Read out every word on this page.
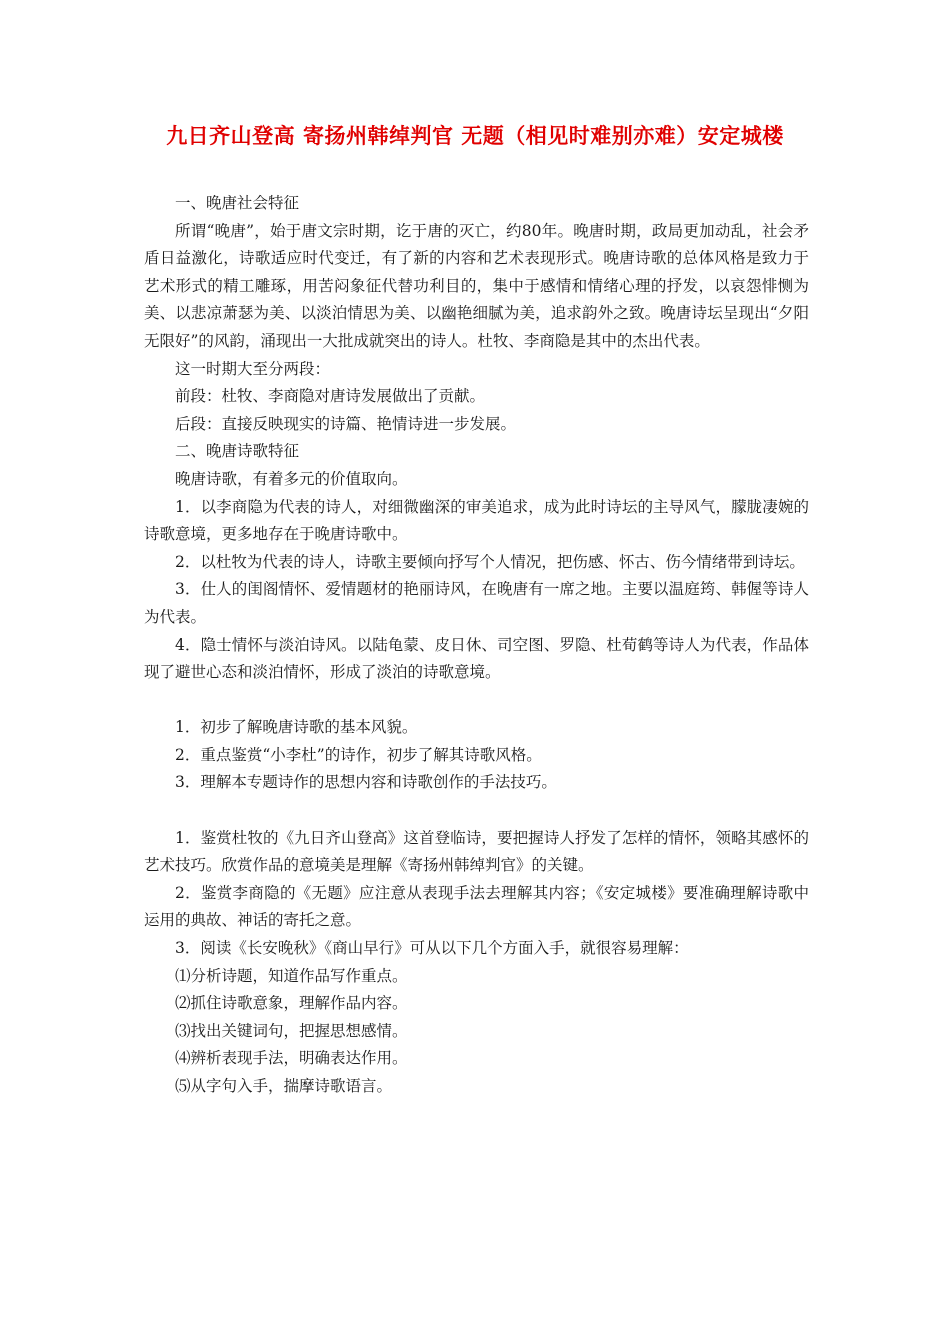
九日齐山登高 寄扬州韩绰判官 无题（相见时难别亦难）安定城楼

一、晚唐社会特征

所谓“晚唐”，始于唐文宗时期，讫于唐的灭亡，约80年。晚唐时期，政局更加动乱，社会矛盾日益激化，诗歌适应时代变迁，有了新的内容和艺术表现形式。晚唐诗歌的总体风格是致力于艺术形式的精工雕琢，用苦闷象征代替功利目的，集中于感情和情绪心理的抒发，以哀怨悱恻为美、以悲凉萧瑟为美、以淡泊情思为美、以幽艳细腻为美，追求韵外之致。晚唐诗坛呈现出“夕阳无限好”的风韵，涌现出一大批成就突出的诗人。杜牧、李商隐是其中的杰出代表。

这一时期大至分两段：

前段：杜牧、李商隐对唐诗发展做出了贡献。

后段：直接反映现实的诗篇、艳情诗进一步发展。

二、晚唐诗歌特征

晚唐诗歌，有着多元的价值取向。

1．以李商隐为代表的诗人，对细微幽深的审美追求，成为此时诗坛的主导风气，朦胧凄婉的诗歌意境，更多地存在于晚唐诗歌中。

2．以杜牧为代表的诗人，诗歌主要倾向抒写个人情况，把伤感、怀古、伤今情绪带到诗坛。

3．仕人的闺阁情怀、爱情题材的艳丽诗风，在晚唐有一席之地。主要以温庭筠、韩偓等诗人为代表。

4．隐士情怀与淡泊诗风。以陆龟蒙、皮日休、司空图、罗隐、杜荀鹤等诗人为代表，作品体现了避世心态和淡泊情怀，形成了淡泊的诗歌意境。

1．初步了解晚唐诗歌的基本风貌。

2．重点鉴赏“小李杜”的诗作，初步了解其诗歌风格。

3．理解本专题诗作的思想内容和诗歌创作的手法技巧。

1．鉴赏杜牧的《九日齐山登高》这首登临诗，要把握诗人抒发了怎样的情怀，领略其感怀的艺术技巧。欣赏作品的意境美是理解《寄扬州韩绰判官》的关键。

2．鉴赏李商隐的《无题》应注意从表现手法去理解其内容；《安定城楼》要准确理解诗歌中运用的典故、神话的寄托之意。

3．阅读《长安晚秋》《商山早行》可从以下几个方面入手，就很容易理解：

⑴分析诗题，知道作品写作重点。

⑵抓住诗歌意象，理解作品内容。

⑶找出关键词句，把握思想感情。

⑷辨析表现手法，明确表达作用。

⑸从字句入手，揣摩诗歌语言。
